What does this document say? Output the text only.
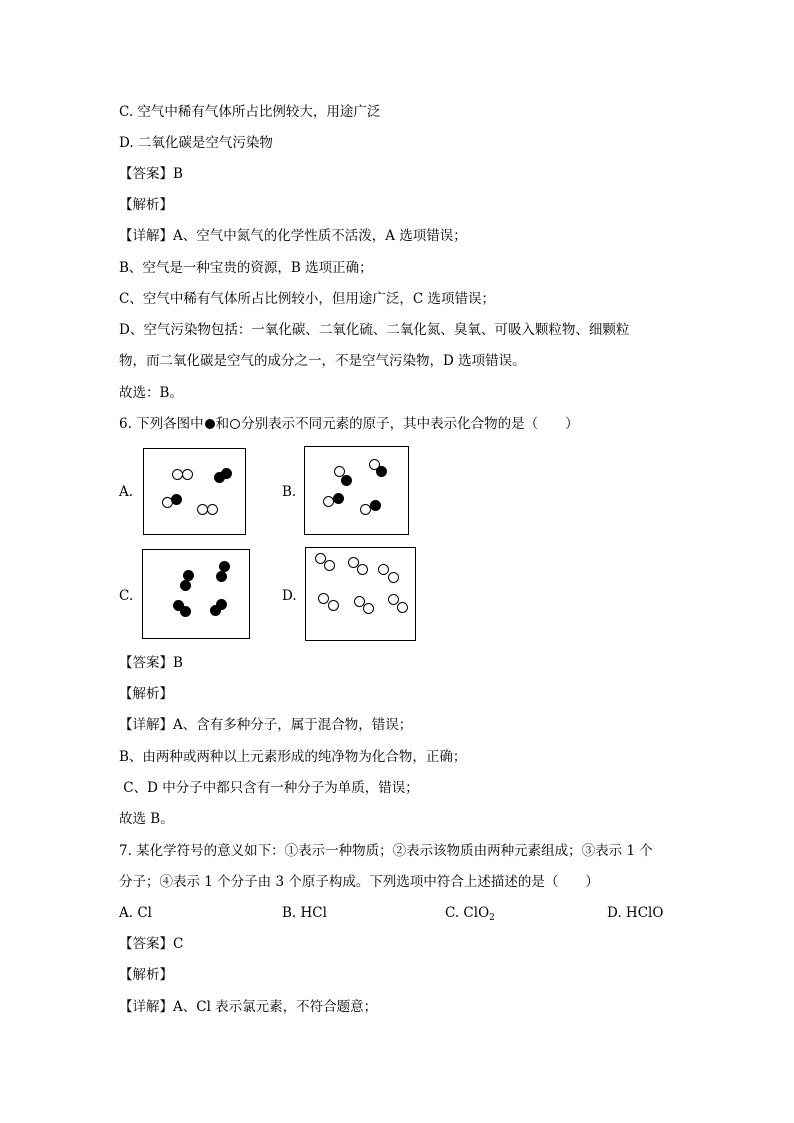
C. 空气中稀有气体所占比例较大，用途广泛
D. 二氧化碳是空气污染物
【答案】B
【解析】
【详解】A、空气中氮气的化学性质不活泼，A 选项错误；
B、空气是一种宝贵的资源，B 选项正确；
C、空气中稀有气体所占比例较小，但用途广泛，C 选项错误；
D、空气污染物包括：一氧化碳、二氧化硫、二氧化氮、臭氧、可吸入颗粒物、细颗粒
物，而二氧化碳是空气的成分之一，不是空气污染物，D 选项错误。
故选：B。
6. 下列各图中 和 分别表示不同元素的原子，其中表示化合物的是（　　）
A.	B.
C.	D.
【答案】B
【解析】
【详解】A、含有多种分子，属于混合物，错误；
B、由两种或两种以上元素形成的纯净物为化合物，正确；
C、D 中分子中都只含有一种分子为单质，错误；
故选 B。
7. 某化学符号的意义如下：①表示一种物质；②表示该物质由两种元素组成；③表示 1 个
分子；④表示 1 个分子由 3 个原子构成。下列选项中符合上述描述的是（　　）
A. Cl	B. HCl	C. ClO$_2$	D. HClO
【答案】C
【解析】
【详解】A、Cl 表示氯元素，不符合题意；
